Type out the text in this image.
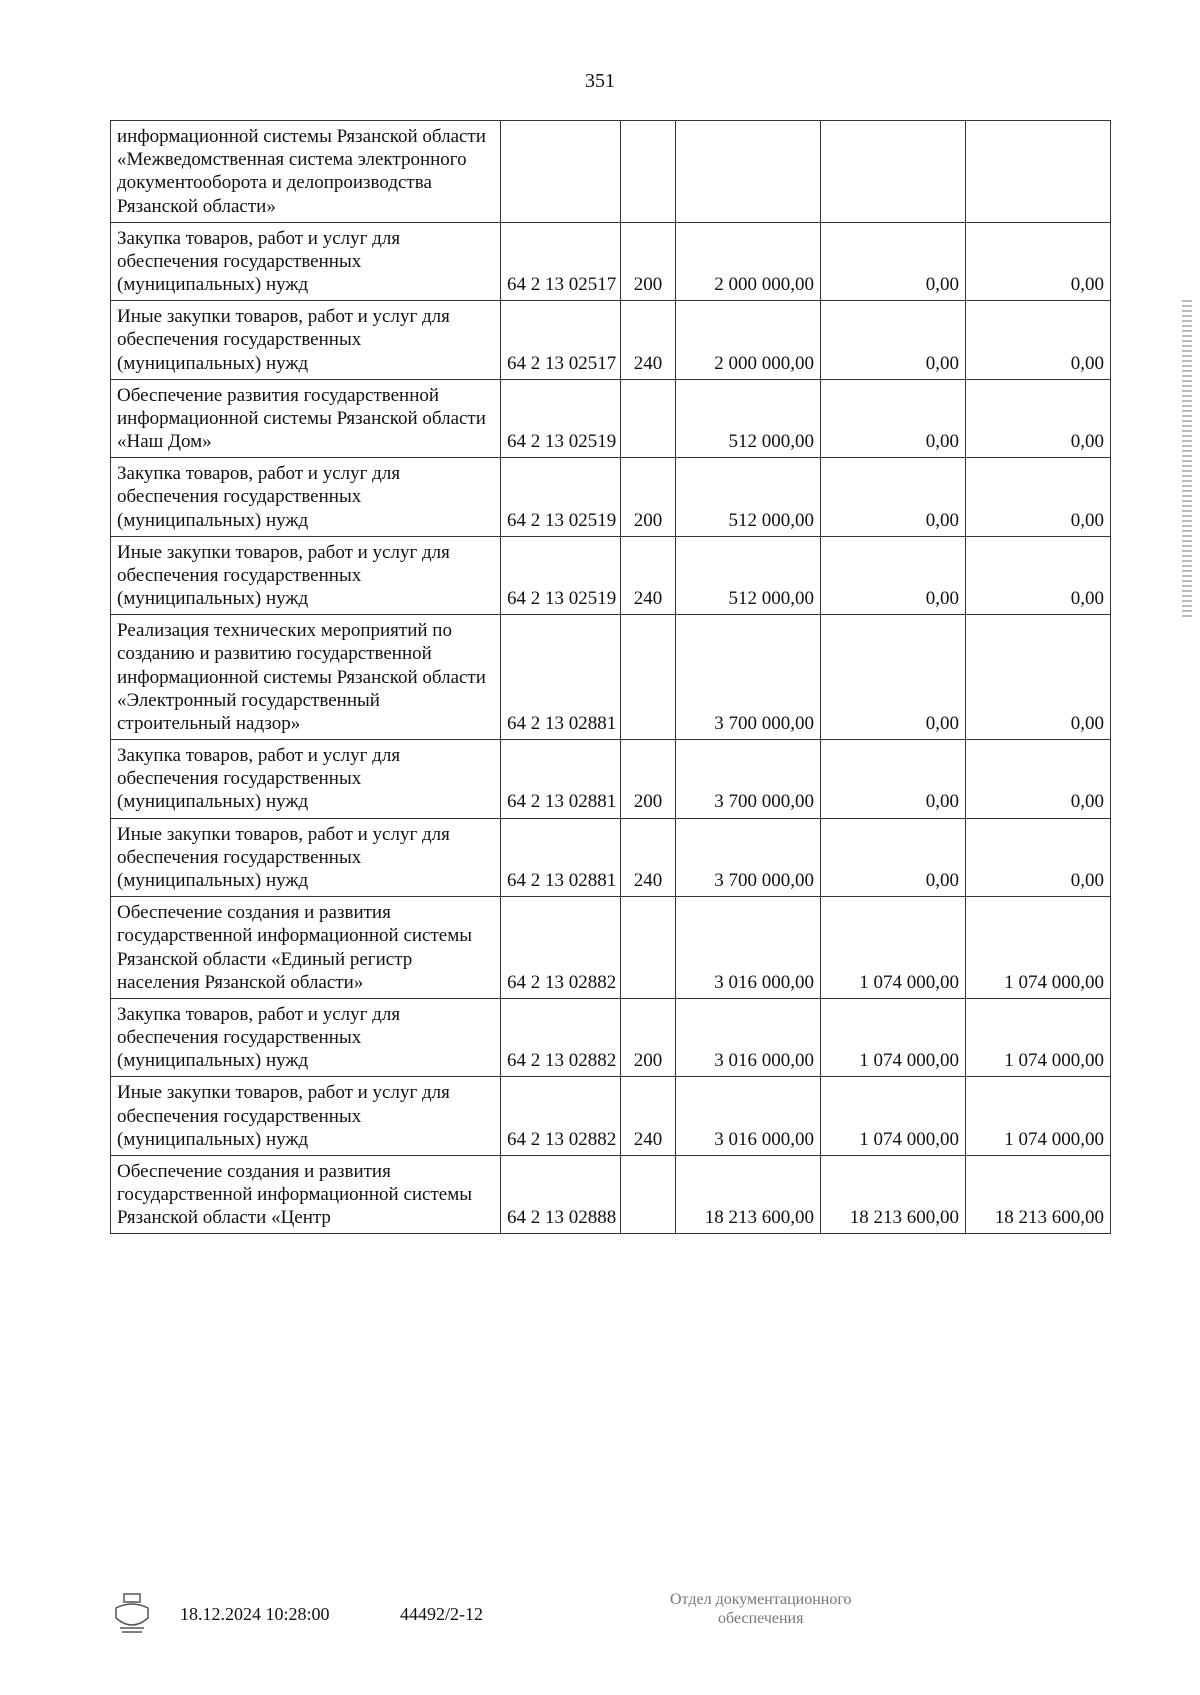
351
информационной системы Рязанской области «Межведомственная система электронного документооборота и делопроизводства Рязанской области»					
Закупка товаров, работ и услуг для обеспечения государственных (муниципальных) нужд	64 2 13 02517	200	2 000 000,00	0,00	0,00
Иные закупки товаров, работ и услуг для обеспечения государственных (муниципальных) нужд	64 2 13 02517	240	2 000 000,00	0,00	0,00
Обеспечение развития государственной информационной системы Рязанской области «Наш Дом»	64 2 13 02519		512 000,00	0,00	0,00
Закупка товаров, работ и услуг для обеспечения государственных (муниципальных) нужд	64 2 13 02519	200	512 000,00	0,00	0,00
Иные закупки товаров, работ и услуг для обеспечения государственных (муниципальных) нужд	64 2 13 02519	240	512 000,00	0,00	0,00
Реализация технических мероприятий по созданию и развитию государственной информационной системы Рязанской области «Электронный государственный строительный надзор»	64 2 13 02881		3 700 000,00	0,00	0,00
Закупка товаров, работ и услуг для обеспечения государственных (муниципальных) нужд	64 2 13 02881	200	3 700 000,00	0,00	0,00
Иные закупки товаров, работ и услуг для обеспечения государственных (муниципальных) нужд	64 2 13 02881	240	3 700 000,00	0,00	0,00
Обеспечение создания и развития государственной информационной системы Рязанской области «Единый регистр населения Рязанской области»	64 2 13 02882		3 016 000,00	1 074 000,00	1 074 000,00
Закупка товаров, работ и услуг для обеспечения государственных (муниципальных) нужд	64 2 13 02882	200	3 016 000,00	1 074 000,00	1 074 000,00
Иные закупки товаров, работ и услуг для обеспечения государственных (муниципальных) нужд	64 2 13 02882	240	3 016 000,00	1 074 000,00	1 074 000,00
Обеспечение создания и развития государственной информационной системы Рязанской области «Центр	64 2 13 02888		18 213 600,00	18 213 600,00	18 213 600,00
18.12.2024 10:28:00	44492/2-12
Отдел документационного
обеспечения
